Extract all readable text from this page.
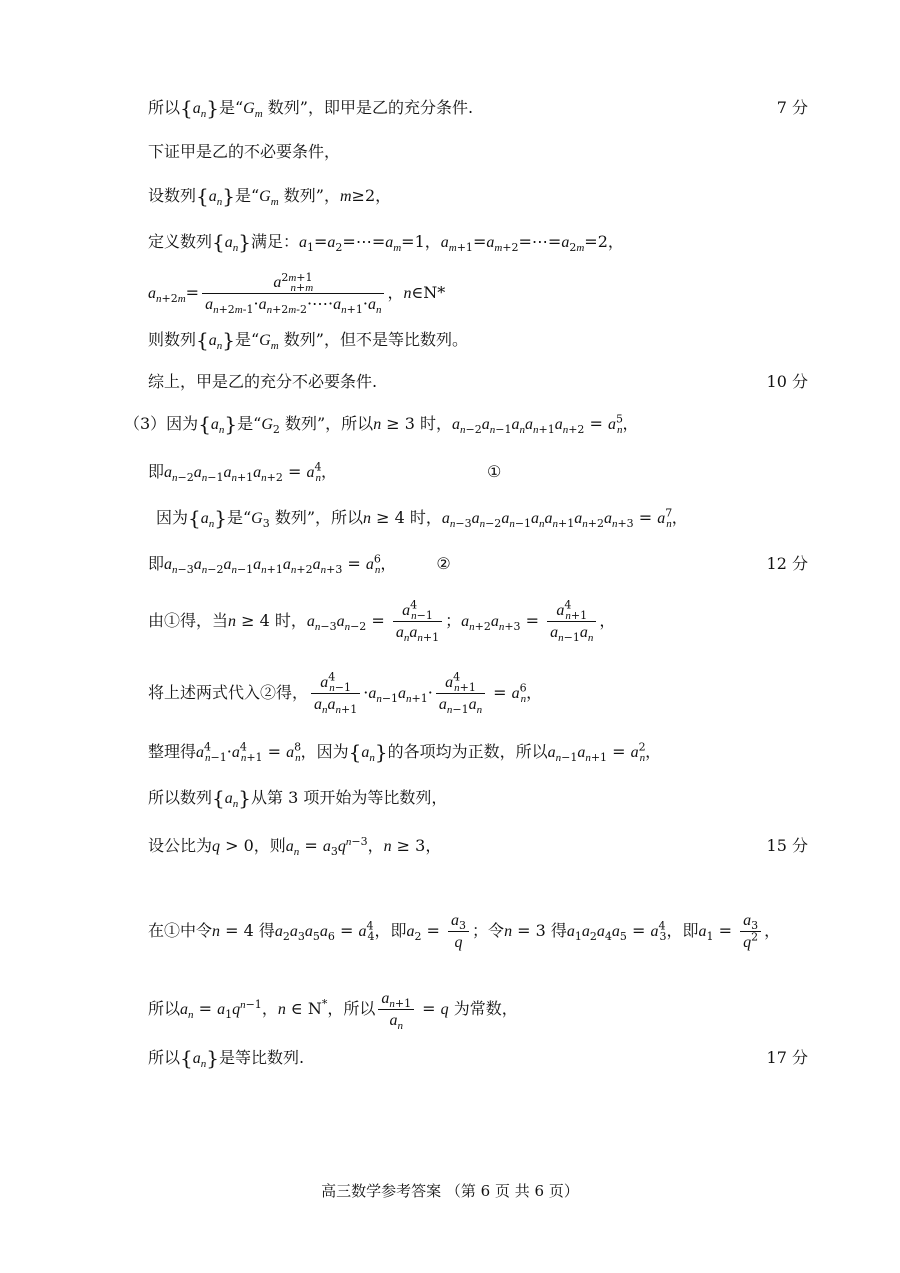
所以$\{a_n\}$是“$G_m$ 数列”，即甲是乙的充分条件.	7 分
下证甲是乙的不必要条件，
设数列$\{a_n\}$是“$G_m$ 数列”，m≥2，
定义数列$\{a_n\}$满足：$a_1=a_2=\cdots=a_m=1$，$a_{m+1}=a_{m+2}=\cdots=a_{2m}=2$，
$a_{n+2m}= \frac{a^{2m+1}_{n+m}}{a_{n+2m-1}\cdot a_{n+2m-2}\cdot\cdots\cdot a_{n+1}\cdot a_n}$ ，n∈N*
则数列$\{a_n\}$是“$G_m$ 数列”，但不是等比数列。
综上，甲是乙的充分不必要条件.	10 分
（3）因为$\{a_n\}$是“$G_2$ 数列”，所以n ≥ 3 时，$a_{n-2}a_{n-1}a_na_{n+1}a_{n+2} = a^5_n$，
即$a_{n-2}a_{n-1}a_{n+1}a_{n+2} = a^4_n$，	①
因为$\{a_n\}$是“$G_3$ 数列”，所以n ≥ 4 时，$a_{n-3}a_{n-2}a_{n-1}a_na_{n+1}a_{n+2}a_{n+3} = a^7_n$，
即$a_{n-3}a_{n-2}a_{n-1}a_{n+1}a_{n+2}a_{n+3} = a^6_n$，	②	12 分
由①得，当n ≥ 4 时，$a_{n-3}a_{n-2} = \frac{a^4_{n-1}}{a_na_{n+1}}$ ；$a_{n+2}a_{n+3} = \frac{a^4_{n+1}}{a_{n-1}a_n}$ ，
将上述两式代入②得， $\frac{a^4_{n-1}}{a_na_{n+1}} \cdot a_{n-1}a_{n+1}\cdot \frac{a^4_{n+1}}{a_{n-1}a_n} = a^6_n$，
整理得$a^4_{n-1}\cdot a^4_{n+1} = a^8_n$，因为$\{a_n\}$的各项均为正数，所以$a_{n-1}a_{n+1} = a^2_n$，
所以数列$\{a_n\}$从第 3 项开始为等比数列，
设公比为q > 0，则$a_n = a_3q^{n-3}$，n ≥ 3，	15 分
在①中令n = 4 得$a_2a_3a_5a_6 = a^4_4$，即$a_2 = \frac{a_3}{q}$ ；令n = 3 得$a_1a_2a_4a_5 = a^4_3$，即$a_1 = \frac{a_3}{q^2}$ ，
所以$a_n = a_1q^{n-1}$，n ∈ N*，所以 $\frac{a_{n+1}}{a_n} = q$ 为常数，
所以$\{a_n\}$是等比数列.	17 分
高三数学参考答案 （第 6 页 共 6 页）
